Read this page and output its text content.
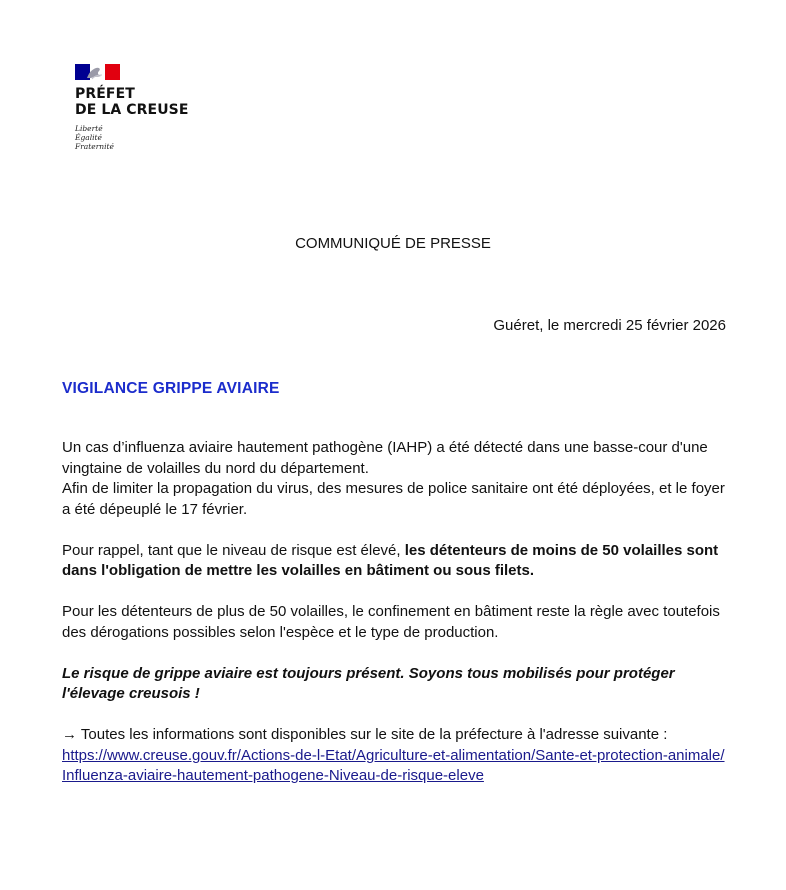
PRÉFET
DE LA CREUSE
Liberté
Égalité
Fraternité
COMMUNIQUÉ DE PRESSE
Guéret, le mercredi 25 février 2026
VIGILANCE GRIPPE AVIAIRE

Un cas d’influenza aviaire hautement pathogène (IAHP) a été détecté dans une basse-cour d'une vingtaine de volailles du nord du département.

Afin de limiter la propagation du virus, des mesures de police sanitaire ont été déployées, et le foyer a été dépeuplé le 17 février.

Pour rappel, tant que le niveau de risque est élevé, les détenteurs de moins de 50 volailles sont dans l'obligation de mettre les volailles en bâtiment ou sous filets.

Pour les détenteurs de plus de 50 volailles, le confinement en bâtiment reste la règle avec toutefois des dérogations possibles selon l'espèce et le type de production.

Le risque de grippe aviaire est toujours présent. Soyons tous mobilisés pour protéger l'élevage creusois !

→ Toutes les informations sont disponibles sur le site de la préfecture à l'adresse suivante :

https://www.creuse.gouv.fr/Actions-de-l-Etat/Agriculture-et-alimentation/Sante-et-protection-animale/Influenza-aviaire-hautement-pathogene-Niveau-de-risque-eleve
